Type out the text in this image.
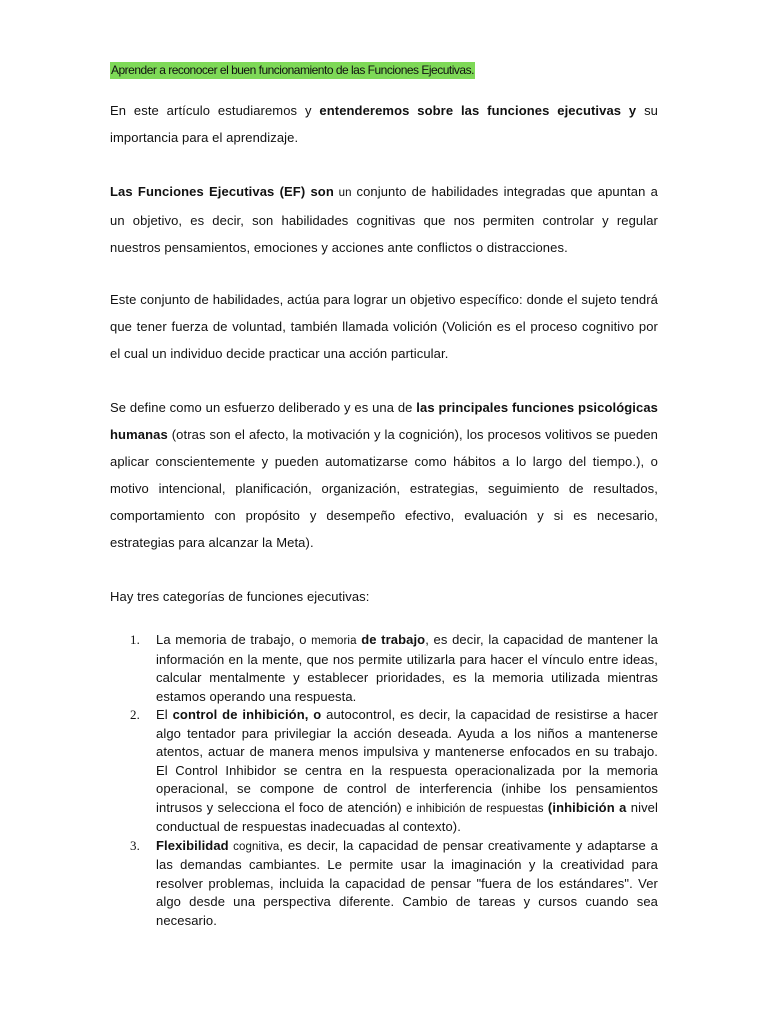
Aprender a reconocer el buen funcionamiento de las Funciones Ejecutivas.
En este artículo estudiaremos y entenderemos sobre las funciones ejecutivas y su importancia para el aprendizaje.
Las Funciones Ejecutivas (EF) son un conjunto de habilidades integradas que apuntan a un objetivo, es decir, son habilidades cognitivas que nos permiten controlar y regular nuestros pensamientos, emociones y acciones ante conflictos o distracciones.
Este conjunto de habilidades, actúa para lograr un objetivo específico: donde el sujeto tendrá que tener fuerza de voluntad, también llamada volición (Volición es el proceso cognitivo por el cual un individuo decide practicar una acción particular.
Se define como un esfuerzo deliberado y es una de las principales funciones psicológicas humanas (otras son el afecto, la motivación y la cognición), los procesos volitivos se pueden aplicar conscientemente y pueden automatizarse como hábitos a lo largo del tiempo.), o motivo intencional, planificación, organización, estrategias, seguimiento de resultados, comportamiento con propósito y desempeño efectivo, evaluación y si es necesario, estrategias para alcanzar la Meta).
Hay tres categorías de funciones ejecutivas:
1. La memoria de trabajo, o memoria de trabajo, es decir, la capacidad de mantener la información en la mente, que nos permite utilizarla para hacer el vínculo entre ideas, calcular mentalmente y establecer prioridades, es la memoria utilizada mientras estamos operando una respuesta.
2. El control de inhibición, o autocontrol, es decir, la capacidad de resistirse a hacer algo tentador para privilegiar la acción deseada. Ayuda a los niños a mantenerse atentos, actuar de manera menos impulsiva y mantenerse enfocados en su trabajo. El Control Inhibidor se centra en la respuesta operacionalizada por la memoria operacional, se compone de control de interferencia (inhibe los pensamientos intrusos y selecciona el foco de atención) e inhibición de respuestas (inhibición a nivel conductual de respuestas inadecuadas al contexto).
3. Flexibilidad cognitiva, es decir, la capacidad de pensar creativamente y adaptarse a las demandas cambiantes. Le permite usar la imaginación y la creatividad para resolver problemas, incluida la capacidad de pensar "fuera de los estándares". Ver algo desde una perspectiva diferente. Cambio de tareas y cursos cuando sea necesario.
